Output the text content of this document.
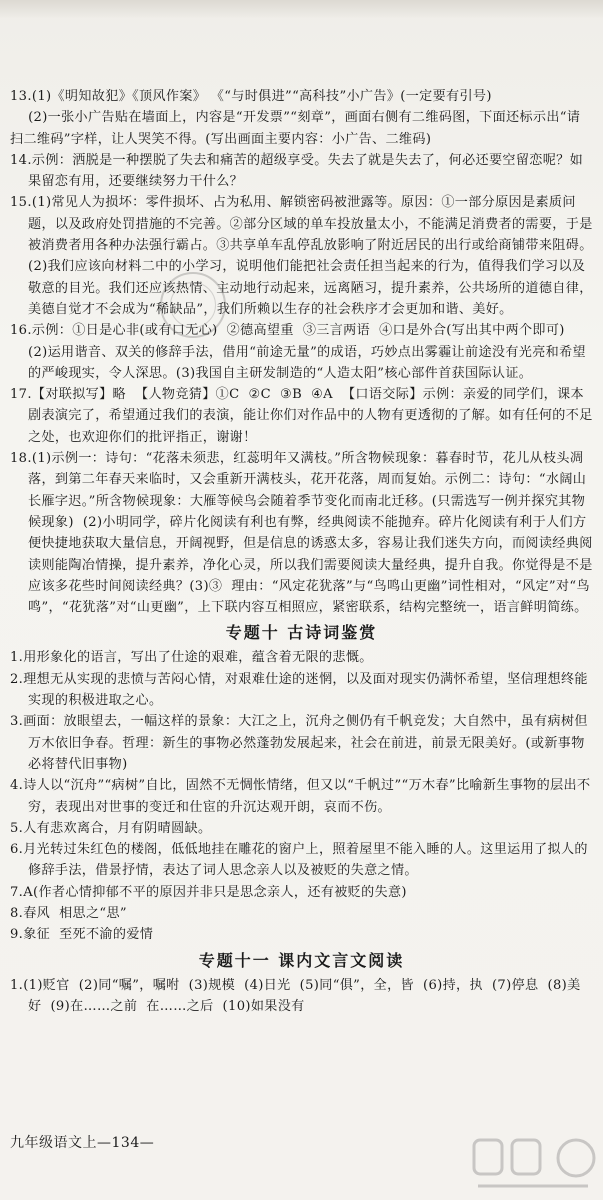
13.(1)《明知故犯》《顶风作案》 《“与时俱进”“高科技”小广告》(一定要有引号)

(2)一张小广告贴在墙面上，内容是“开发票”“刻章”，画面右侧有二维码图，下面还标示出“请扫二维码”字样，让人哭笑不得。(写出画面主要内容：小广告、二维码)

14.示例：洒脱是一种摆脱了失去和痛苦的超级享受。失去了就是失去了，何必还要空留恋呢？如果留恋有用，还要继续努力干什么？

15.(1)常见人为损坏：零件损坏、占为私用、解锁密码被泄露等。原因：①一部分原因是素质问题，以及政府处罚措施的不完善。②部分区域的单车投放量太小，不能满足消费者的需要，于是被消费者用各种办法强行霸占。③共享单车乱停乱放影响了附近居民的出行或给商铺带来阻碍。(2)我们应该向材料二中的小学习，说明他们能把社会责任担当起来的行为，值得我们学习以及敬意的目光。我们还应该热情、主动地行动起来，远离陋习，提升素养，公共场所的道德自律，美德自觉才不会成为“稀缺品”，我们所赖以生存的社会秩序才会更加和谐、美好。

16.示例：①日是心非(或有口无心)  ②德高望重  ③三言两语  ④口是外合(写出其中两个即可)  (2)运用谐音、双关的修辞手法，借用“前途无量”的成语，巧妙点出雾霾让前途没有光亮和希望的严峻现实，令人深思。(3)我国自主研发制造的“人造太阳”核心部件首获国际认证。

17.【对联拟写】略  【人物竞猜】①C  ②C  ③B  ④A  【口语交际】示例：亲爱的同学们，课本剧表演完了，希望通过我们的表演，能让你们对作品中的人物有更透彻的了解。如有任何的不足之处，也欢迎你们的批评指正，谢谢！

18.(1)示例一：诗句：“花落未须悲，红蕊明年又满枝。”所含物候现象：暮春时节，花儿从枝头凋落，到第二年春天来临时，又会重新开满枝头，花开花落，周而复始。示例二：诗句：“水阔山长雁字迟。”所含物候现象：大雁等候鸟会随着季节变化而南北迁移。(只需选写一例并探究其物候现象)  (2)小明同学，碎片化阅读有利也有弊，经典阅读不能抛弃。碎片化阅读有利于人们方便快捷地获取大量信息，开阔视野，但是信息的诱惑太多，容易让我们迷失方向，而阅读经典阅读则能陶冶情操，提升素养，净化心灵，所以我们需要阅读大量经典，提升自我。你觉得是不是应该多花些时间阅读经典？(3)③  理由：“风定花犹落”与“鸟鸣山更幽”词性相对，“风定”对“鸟鸣”，“花犹落”对“山更幽”，上下联内容互相照应，紧密联系，结构完整统一，语言鲜明简练。

专题十 古诗词鉴赏

1.用形象化的语言，写出了仕途的艰难，蕴含着无限的悲慨。

2.理想无从实现的悲愤与苦闷心情，对艰难仕途的迷惘，以及面对现实仍满怀希望，坚信理想终能实现的积极进取之心。

3.画面：放眼望去，一幅这样的景象：大江之上，沉舟之侧仍有千帆竞发；大自然中，虽有病树但万木依旧争春。哲理：新生的事物必然蓬勃发展起来，社会在前进，前景无限美好。(或新事物必将替代旧事物)

4.诗人以“沉舟”“病树”自比，固然不无惆怅情绪，但又以“千帆过”“万木春”比喻新生事物的层出不穷，表现出对世事的变迁和仕宦的升沉达观开朗，哀而不伤。

5.人有悲欢离合，月有阴晴圆缺。

6.月光转过朱红色的楼阁，低低地挂在雕花的窗户上，照着屋里不能入睡的人。这里运用了拟人的修辞手法，借景抒情，表达了词人思念亲人以及被贬的失意之情。

7.A(作者心情抑郁不平的原因并非只是思念亲人，还有被贬的失意)

8.春风  相思之“思”

9.象征  至死不渝的爱情

专题十一 课内文言文阅读

1.(1)贬官  (2)同“嘱”，嘱咐  (3)规模  (4)日光  (5)同“俱”，全，皆  (6)持，执  (7)停息  (8)美好  (9)在……之前  在……之后  (10)如果没有

九年级语文上—134—
